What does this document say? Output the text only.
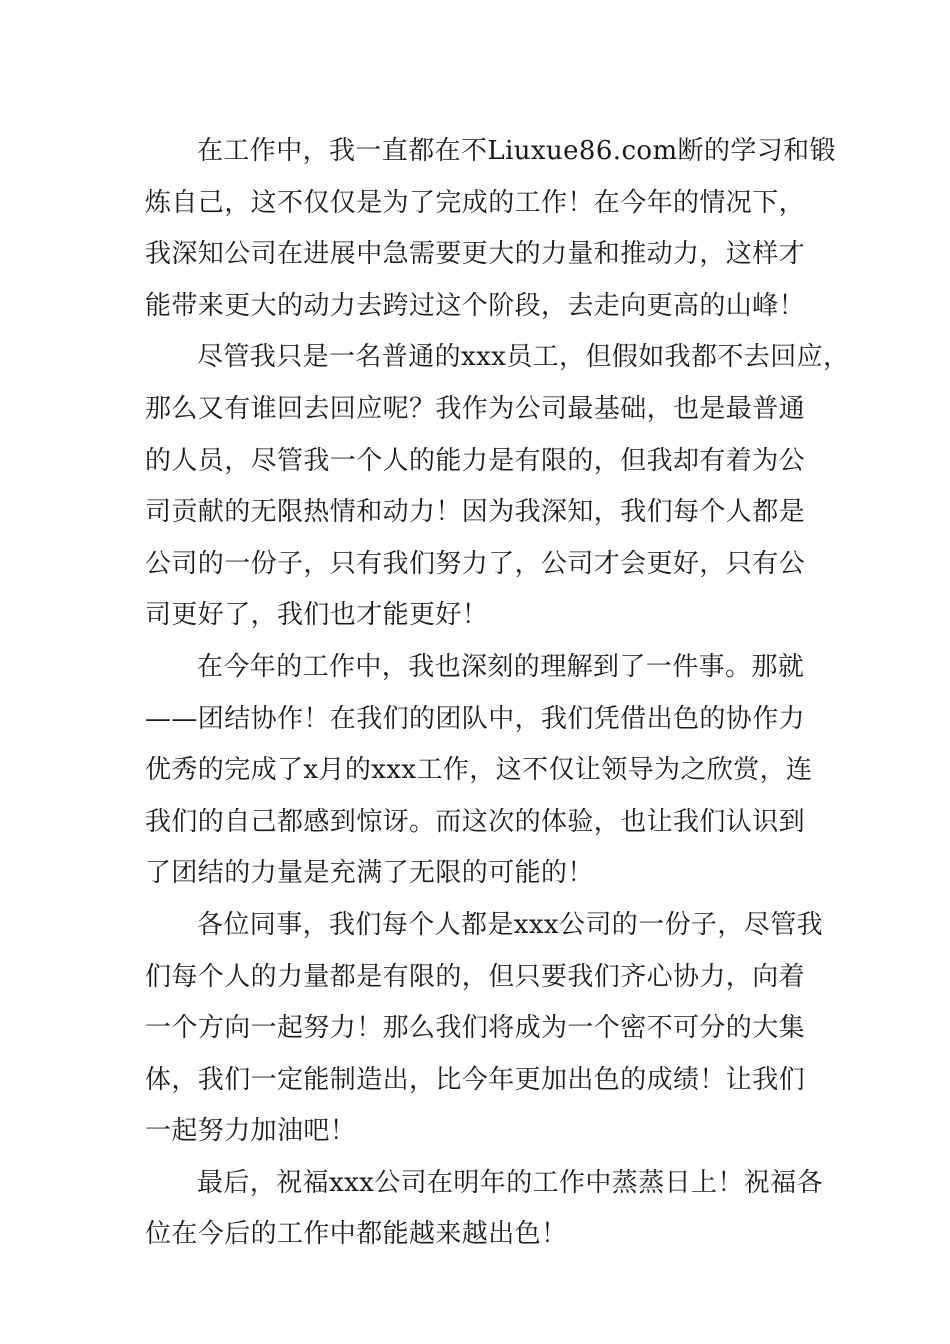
在工作中，我一直都在不Liuxue86.com断的学习和锻
炼自己，这不仅仅是为了完成的工作！在今年的情况下，
我深知公司在进展中急需要更大的力量和推动力，这样才
能带来更大的动力去跨过这个阶段，去走向更高的山峰！

尽管我只是一名普通的xxx员工，但假如我都不去回应，
那么又有谁回去回应呢？我作为公司最基础，也是最普通
的人员，尽管我一个人的能力是有限的，但我却有着为公
司贡献的无限热情和动力！因为我深知，我们每个人都是
公司的一份子，只有我们努力了，公司才会更好，只有公
司更好了，我们也才能更好！

在今年的工作中，我也深刻的理解到了一件事。那就
——团结协作！在我们的团队中，我们凭借出色的协作力
优秀的完成了x月的xxx工作，这不仅让领导为之欣赏，连
我们的自己都感到惊讶。而这次的体验，也让我们认识到
了团结的力量是充满了无限的可能的！

各位同事，我们每个人都是xxx公司的一份子，尽管我
们每个人的力量都是有限的，但只要我们齐心协力，向着
一个方向一起努力！那么我们将成为一个密不可分的大集
体，我们一定能制造出，比今年更加出色的成绩！让我们
一起努力加油吧！

最后，祝福xxx公司在明年的工作中蒸蒸日上！祝福各
位在今后的工作中都能越来越出色！
